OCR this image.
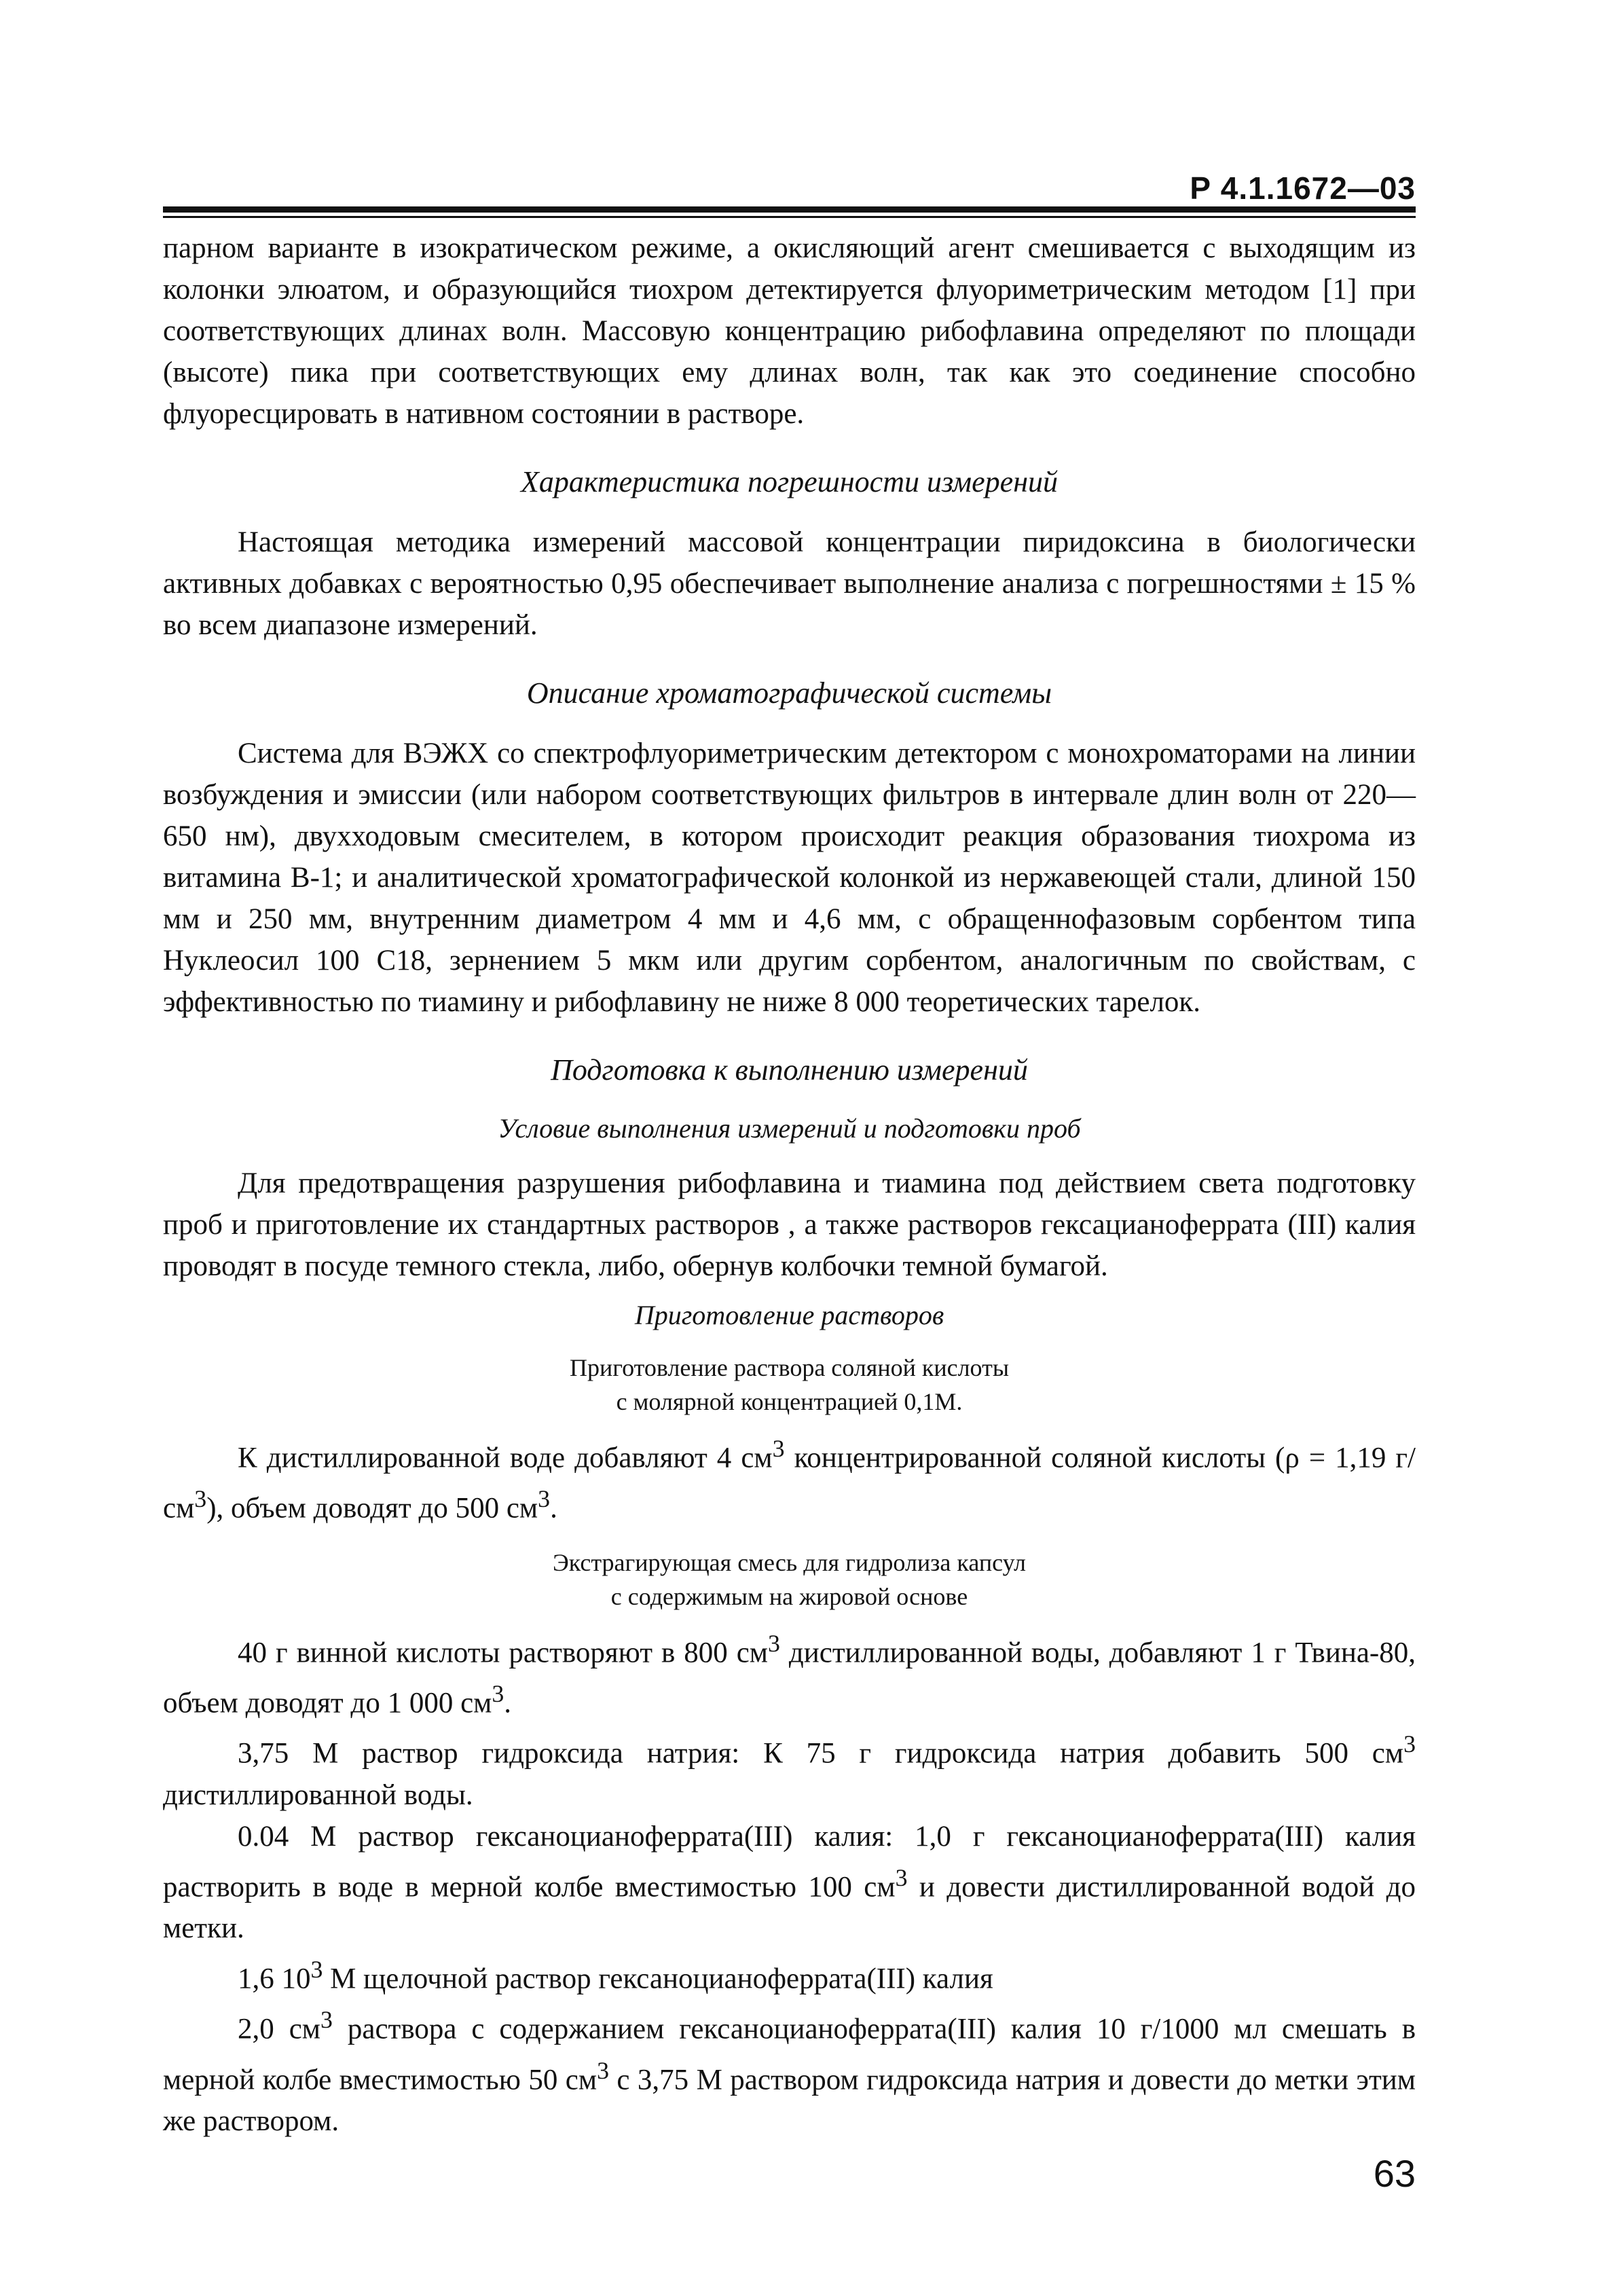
Р 4.1.1672—03

парном варианте в изократическом режиме, а окисляющий агент смешивается с выходящим из колонки элюатом, и образующийся тиохром детектируется флуориметрическим методом [1] при соответствующих длинах волн. Массовую концентрацию рибофлавина определяют по площади (высоте) пика при соответствующих ему длинах волн, так как это соединение способно флуоресцировать в нативном состоянии в растворе.

Характеристика погрешности измерений

Настоящая методика измерений массовой концентрации пиридоксина в биологически активных добавках с вероятностью 0,95 обеспечивает выполнение анализа с погрешностями ± 15 % во всем диапазоне измерений.

Описание хроматографической системы

Система для ВЭЖХ со спектрофлуориметрическим детектором с монохроматорами на линии возбуждения и эмиссии (или набором соответствующих фильтров в интервале длин волн от 220—650 нм), двухходовым смесителем, в котором происходит реакция образования тиохрома из витамина В-1; и аналитической хроматографической колонкой из нержавеющей стали, длиной 150 мм и 250 мм, внутренним диаметром 4 мм и 4,6 мм, с обращеннофазовым сорбентом типа Нуклеосил 100 С18, зернением 5 мкм или другим сорбентом, аналогичным по свойствам, с эффективностью по тиамину и рибофлавину не ниже 8 000 теоретических тарелок.

Подготовка к выполнению измерений
Условие выполнения измерений и подготовки проб

Для предотвращения разрушения рибофлавина и тиамина под действием света подготовку проб и приготовление их стандартных растворов , а также растворов гексацианоферрата (III) калия проводят в посуде темного стекла, либо, обернув колбочки темной бумагой.

Приготовление растворов
Приготовление раствора соляной кислоты
с молярной концентрацией 0,1М.

К дистиллированной воде добавляют 4 $см^3$ концентрированной соляной кислоты (ρ = 1,19 $г/см^3$), объем доводят до 500 $см^3$.

Экстрагирующая смесь для гидролиза капсул
с содержимым на жировой основе

40 г винной кислоты растворяют в 800 $см^3$ дистиллированной воды, добавляют 1 г Твина-80, объем доводят до 1 000 $см^3$.

3,75 М раствор гидроксида натрия: К 75 г гидроксида натрия добавить 500 $см^3$ дистиллированной воды.

0.04 М раствор гексаноцианоферрата(III) калия: 1,0 г гексаноцианоферрата(III) калия растворить в воде в мерной колбе вместимостью 100 $см^3$ и довести дистиллированной водой до метки.

1,6 $10^3$ М щелочной раствор гексаноцианоферрата(III) калия

2,0 $см^3$ раствора с содержанием гексаноцианоферрата(III) калия 10 г/1000 мл смешать в мерной колбе вместимостью 50 $см^3$ с 3,75 М раствором гидроксида натрия и довести до метки этим же раствором.

63
